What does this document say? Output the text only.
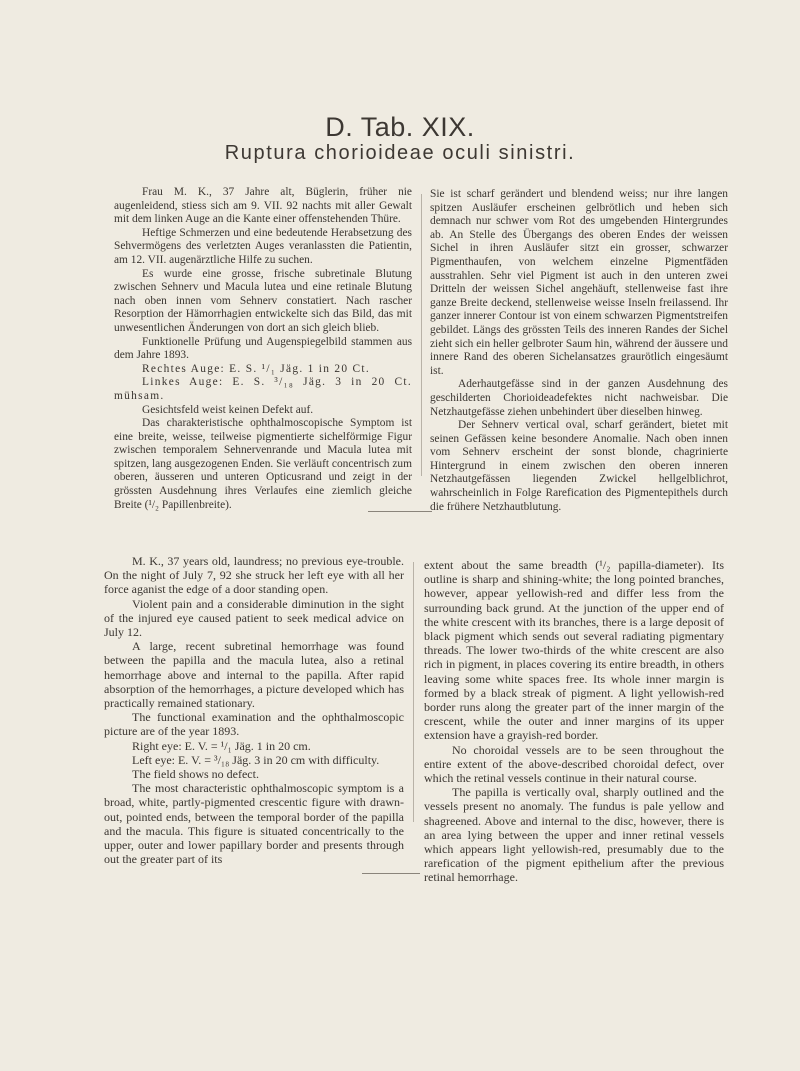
D. Tab. XIX.
Ruptura chorioideae oculi sinistri.

Frau M. K., 37 Jahre alt, Büglerin, früher nie augenleidend, stiess sich am 9. VII. 92 nachts mit aller Gewalt mit dem linken Auge an die Kante einer offenstehenden Thüre.

Heftige Schmerzen und eine bedeutende Herabsetzung des Sehvermögens des verletzten Auges veranlassten die Patientin, am 12. VII. augenärztliche Hilfe zu suchen.

Es wurde eine grosse, frische subretinale Blutung zwischen Sehnerv und Macula lutea und eine retinale Blutung nach oben innen vom Sehnerv constatiert. Nach rascher Resorption der Hämorrhagien entwickelte sich das Bild, das mit unwesentlichen Änderungen von dort an sich gleich blieb.

Funktionelle Prüfung und Augenspiegelbild stammen aus dem Jahre 1893.

Rechtes Auge: E. S. ¹/₁ Jäg. 1 in 20 Ct.

Linkes Auge: E. S. ³/₁₈ Jäg. 3 in 20 Ct. mühsam.

Gesichtsfeld weist keinen Defekt auf.

Das charakteristische ophthalmoscopische Symptom ist eine breite, weisse, teilweise pigmentierte sichelförmige Figur zwischen temporalem Sehnervenrande und Macula lutea mit spitzen, lang ausgezogenen Enden. Sie verläuft concentrisch zum oberen, äusseren und unteren Opticusrand und zeigt in der grössten Ausdehnung ihres Verlaufes eine ziemlich gleiche Breite (¹/₂ Papillenbreite).

Sie ist scharf gerändert und blendend weiss; nur ihre langen spitzen Ausläufer erscheinen gelbrötlich und heben sich demnach nur schwer vom Rot des umgebenden Hintergrundes ab. An Stelle des Übergangs des oberen Endes der weissen Sichel in ihren Ausläufer sitzt ein grosser, schwarzer Pigmenthaufen, von welchem einzelne Pigmentfäden ausstrahlen. Sehr viel Pigment ist auch in den unteren zwei Dritteln der weissen Sichel angehäuft, stellenweise fast ihre ganze Breite deckend, stellenweise weisse Inseln freilassend. Ihr ganzer innerer Contour ist von einem schwarzen Pigmentstreifen gebildet. Längs des grössten Teils des inneren Randes der Sichel zieht sich ein heller gelbroter Saum hin, während der äussere und innere Rand des oberen Sichelansatzes graurötlich eingesäumt ist.

Aderhautgefässe sind in der ganzen Ausdehnung des geschilderten Chorioideadefektes nicht nachweisbar. Die Netzhautgefässe ziehen unbehindert über dieselben hinweg.

Der Sehnerv vertical oval, scharf gerändert, bietet mit seinen Gefässen keine besondere Anomalie. Nach oben innen vom Sehnerv erscheint der sonst blonde, chagrinierte Hintergrund in einem zwischen den oberen inneren Netzhautgefässen liegenden Zwickel hellgelblichrot, wahrscheinlich in Folge Rarefication des Pigmentepithels durch die frühere Netzhautblutung.

M. K., 37 years old, laundress; no previous eye-trouble. On the night of July 7, 92 she struck her left eye with all her force aganist the edge of a door standing open.

Violent pain and a considerable diminution in the sight of the injured eye caused patient to seek medical advice on July 12.

A large, recent subretinal hemorrhage was found between the papilla and the macula lutea, also a retinal hemorrhage above and internal to the papilla. After rapid absorption of the hemorrhages, a picture developed which has practically remained stationary.

The functional examination and the ophthalmoscopic picture are of the year 1893.

Right eye: E. V. = ¹/₁ Jäg. 1 in 20 cm.

Left eye: E. V. = ³/₁₈ Jäg. 3 in 20 cm with difficulty.

The field shows no defect.

The most characteristic ophthalmoscopic symptom is a broad, white, partly-pigmented crescentic figure with drawn-out, pointed ends, between the temporal border of the papilla and the macula. This figure is situated concentrically to the upper, outer and lower papillary border and presents through out the greater part of its

extent about the same breadth (¹/₂ papilla-diameter). Its outline is sharp and shining-white; the long pointed branches, however, appear yellowish-red and differ less from the surrounding back grund. At the junction of the upper end of the white crescent with its branches, there is a large deposit of black pigment which sends out several radiating pigmentary threads. The lower two-thirds of the white crescent are also rich in pigment, in places covering its entire breadth, in others leaving some white spaces free. Its whole inner margin is formed by a black streak of pigment. A light yellowish-red border runs along the greater part of the inner margin of the crescent, while the outer and inner margins of its upper extension have a grayish-red border.

No choroidal vessels are to be seen throughout the entire extent of the above-described choroidal defect, over which the retinal vessels continue in their natural course.

The papilla is vertically oval, sharply outlined and the vessels present no anomaly. The fundus is pale yellow and shagreened. Above and internal to the disc, however, there is an area lying between the upper and inner retinal vessels which appears light yellowish-red, presumably due to the rarefication of the pigment epithelium after the previous retinal hemorrhage.
